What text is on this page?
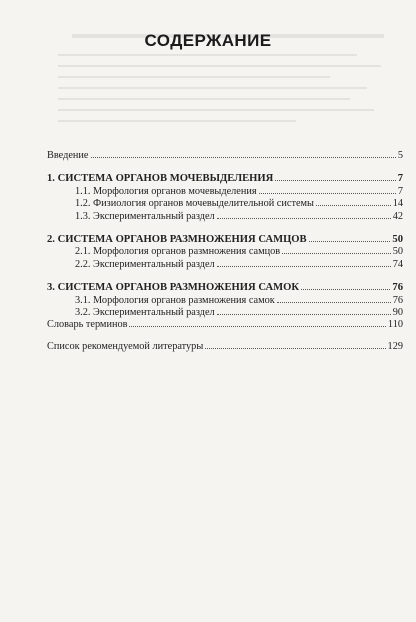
СОДЕРЖАНИЕ
Введение	5
1. СИСТЕМА ОРГАНОВ МОЧЕВЫДЕЛЕНИЯ	7
1.1. Морфология органов мочевыделения	7
1.2. Физиология органов мочевыделительной системы	14
1.3. Экспериментальный раздел	42
2. СИСТЕМА ОРГАНОВ РАЗМНОЖЕНИЯ САМЦОВ	50
2.1. Морфология органов размножения самцов	50
2.2. Экспериментальный раздел	74
3. СИСТЕМА ОРГАНОВ РАЗМНОЖЕНИЯ САМОК	76
3.1. Морфология органов размножения самок	76
3.2. Экспериментальный раздел	90
Словарь терминов	110
Список рекомендуемой литературы	129
